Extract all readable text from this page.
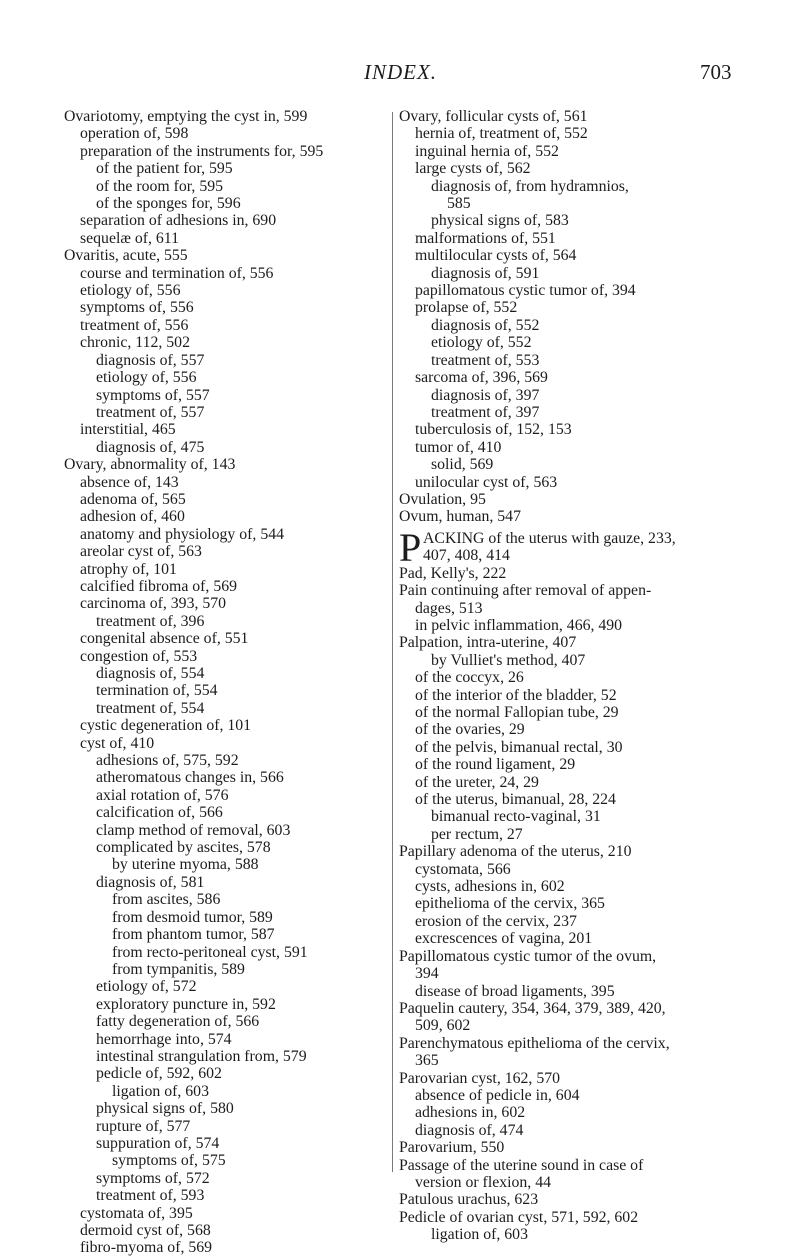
INDEX.	703
Ovariotomy, emptying the cyst in, 599
operation of, 598
preparation of the instruments for, 595
of the patient for, 595
of the room for, 595
of the sponges for, 596
separation of adhesions in, 690
sequelæ of, 611
Ovaritis, acute, 555
course and termination of, 556
etiology of, 556
symptoms of, 556
treatment of, 556
chronic, 112, 502
diagnosis of, 557
etiology of, 556
symptoms of, 557
treatment of, 557
interstitial, 465
diagnosis of, 475
Ovary, abnormality of, 143
absence of, 143
adenoma of, 565
adhesion of, 460
anatomy and physiology of, 544
areolar cyst of, 563
atrophy of, 101
calcified fibroma of, 569
carcinoma of, 393, 570
treatment of, 396
congenital absence of, 551
congestion of, 553
diagnosis of, 554
termination of, 554
treatment of, 554
cystic degeneration of, 101
cyst of, 410
adhesions of, 575, 592
atheromatous changes in, 566
axial rotation of, 576
calcification of, 566
clamp method of removal, 603
complicated by ascites, 578
by uterine myoma, 588
diagnosis of, 581
from ascites, 586
from desmoid tumor, 589
from phantom tumor, 587
from recto-peritoneal cyst, 591
from tympanitis, 589
etiology of, 572
exploratory puncture in, 592
fatty degeneration of, 566
hemorrhage into, 574
intestinal strangulation from, 579
pedicle of, 592, 602
ligation of, 603
physical signs of, 580
rupture of, 577
suppuration of, 574
symptoms of, 575
symptoms of, 572
treatment of, 593
cystomata of, 395
dermoid cyst of, 568
fibro-myoma of, 569
Ovary, follicular cysts of, 561
hernia of, treatment of, 552
inguinal hernia of, 552
large cysts of, 562
diagnosis of, from hydramnios,
585
physical signs of, 583
malformations of, 551
multilocular cysts of, 564
diagnosis of, 591
papillomatous cystic tumor of, 394
prolapse of, 552
diagnosis of, 552
etiology of, 552
treatment of, 553
sarcoma of, 396, 569
diagnosis of, 397
treatment of, 397
tuberculosis of, 152, 153
tumor of, 410
solid, 569
unilocular cyst of, 563
Ovulation, 95
Ovum, human, 547
P ACKING of the uterus with gauze, 233,
407, 408, 414
Pad, Kelly's, 222
Pain continuing after removal of appen-
dages, 513
in pelvic inflammation, 466, 490
Palpation, intra-uterine, 407
by Vulliet's method, 407
of the coccyx, 26
of the interior of the bladder, 52
of the normal Fallopian tube, 29
of the ovaries, 29
of the pelvis, bimanual rectal, 30
of the round ligament, 29
of the ureter, 24, 29
of the uterus, bimanual, 28, 224
bimanual recto-vaginal, 31
per rectum, 27
Papillary adenoma of the uterus, 210
cystomata, 566
cysts, adhesions in, 602
epithelioma of the cervix, 365
erosion of the cervix, 237
excrescences of vagina, 201
Papillomatous cystic tumor of the ovum,
394
disease of broad ligaments, 395
Paquelin cautery, 354, 364, 379, 389, 420,
509, 602
Parenchymatous epithelioma of the cervix,
365
Parovarian cyst, 162, 570
absence of pedicle in, 604
adhesions in, 602
diagnosis of, 474
Parovarium, 550
Passage of the uterine sound in case of
version or flexion, 44
Patulous urachus, 623
Pedicle of ovarian cyst, 571, 592, 602
ligation of, 603
